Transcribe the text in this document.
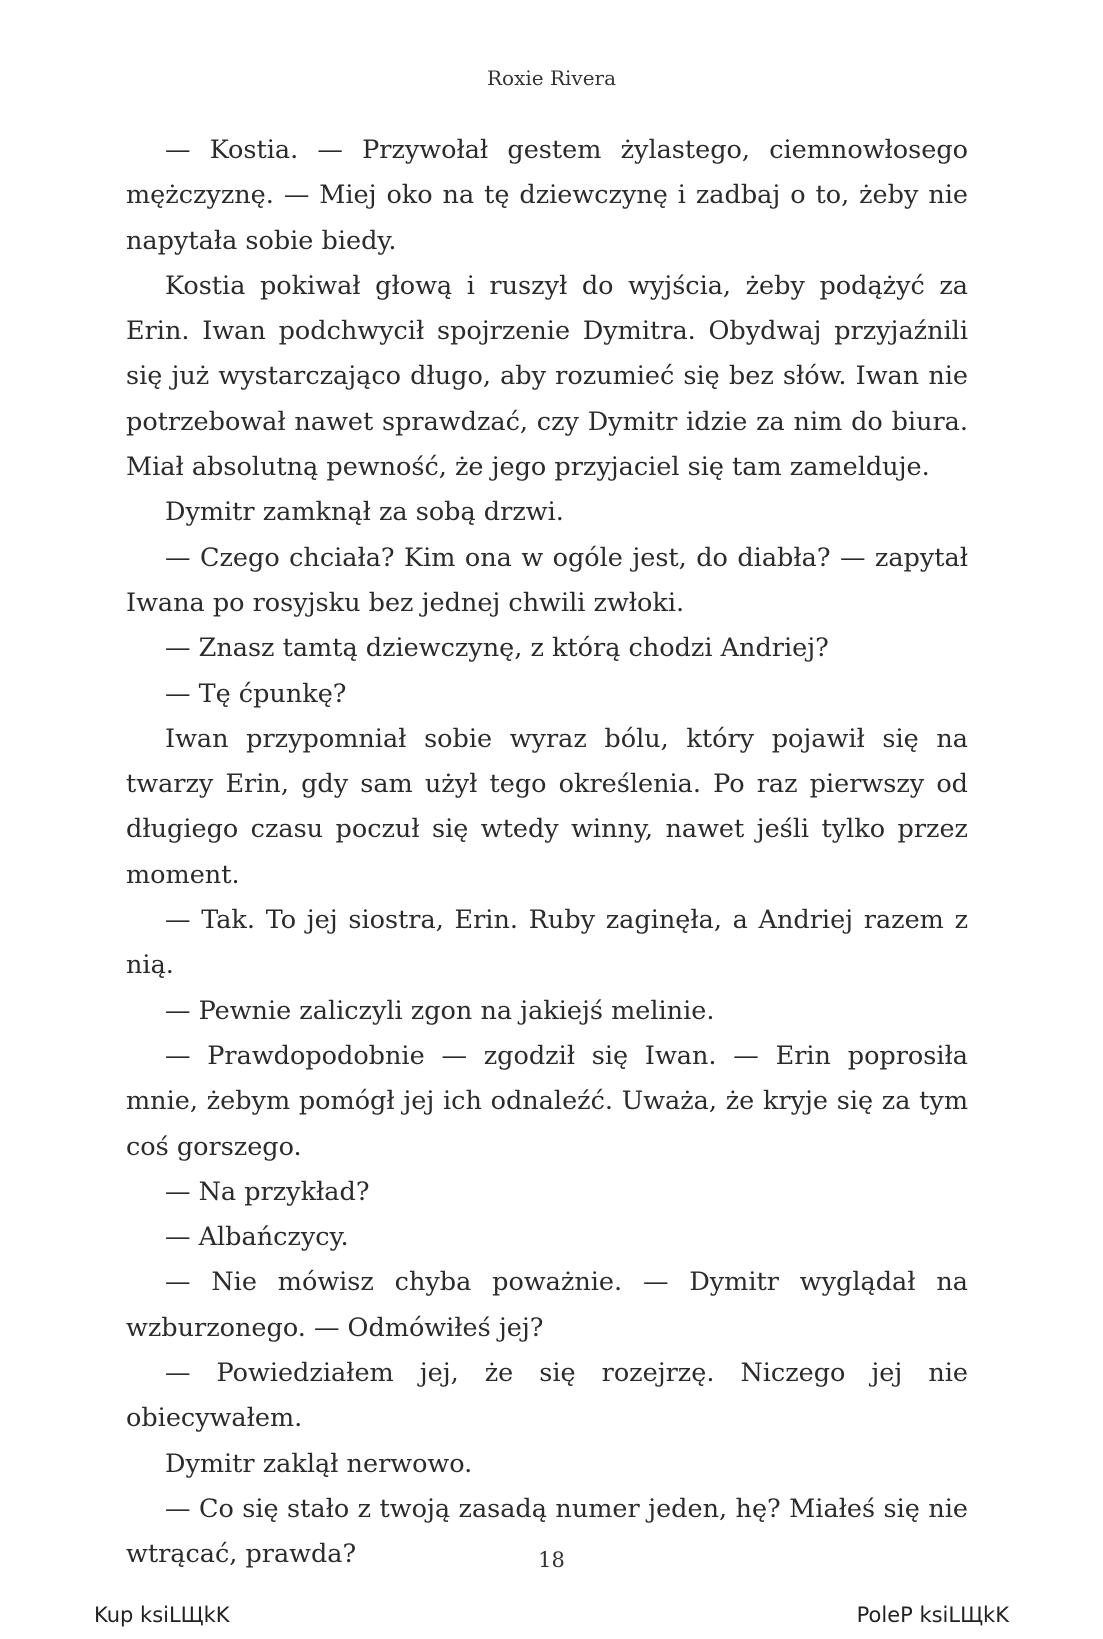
Roxie Rivera

— Kostia. — Przywołał gestem żylastego, ciemnowłosego mężczyznę. — Miej oko na tę dziewczynę i zadbaj o to, żeby nie napytała sobie biedy.

Kostia pokiwał głową i ruszył do wyjścia, żeby podążyć za Erin. Iwan podchwycił spojrzenie Dymitra. Obydwaj przyjaźnili się już wystarczająco długo, aby rozumieć się bez słów. Iwan nie potrzebował nawet sprawdzać, czy Dymitr idzie za nim do biura. Miał absolutną pewność, że jego przyjaciel się tam zamelduje.

Dymitr zamknął za sobą drzwi.

— Czego chciała? Kim ona w ogóle jest, do diabła? — zapytał Iwana po rosyjsku bez jednej chwili zwłoki.

— Znasz tamtą dziewczynę, z którą chodzi Andriej?

— Tę ćpunkę?

Iwan przypomniał sobie wyraz bólu, który pojawił się na twarzy Erin, gdy sam użył tego określenia. Po raz pierwszy od długiego czasu poczuł się wtedy winny, nawet jeśli tylko przez moment.

— Tak. To jej siostra, Erin. Ruby zaginęła, a Andriej razem z nią.

— Pewnie zaliczyli zgon na jakiejś melinie.

— Prawdopodobnie — zgodził się Iwan. — Erin poprosiła mnie, żebym pomógł jej ich odnaleźć. Uważa, że kryje się za tym coś gorszego.

— Na przykład?

— Albańczycy.

— Nie mówisz chyba poważnie. — Dymitr wyglądał na wzburzonego. — Odmówiłeś jej?

— Powiedziałem jej, że się rozejrzę. Niczego jej nie obiecywałem.

Dymitr zaklął nerwowo.

— Co się stało z twoją zasadą numer jeden, hę? Miałeś się nie wtrącać, prawda?	18
Kup ksiLЩkK	PoleP ksiLЩkK
